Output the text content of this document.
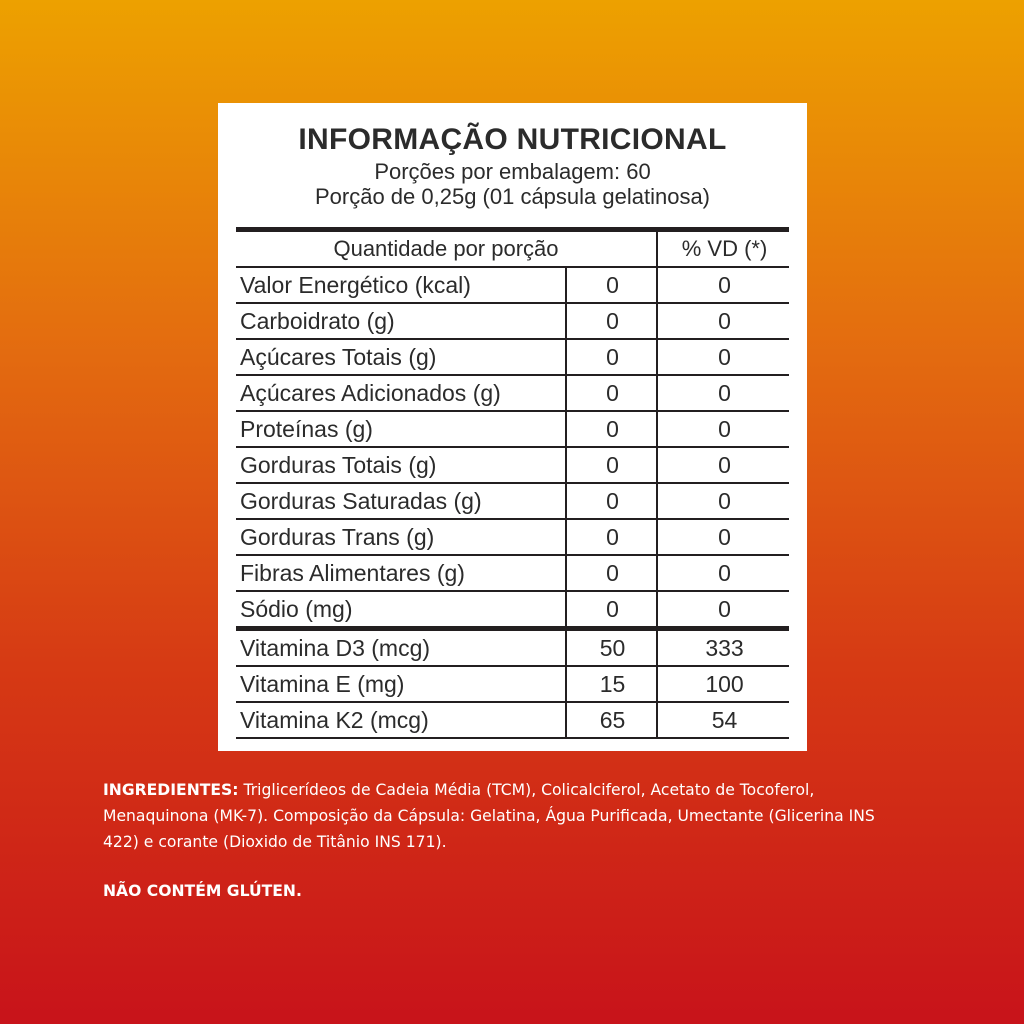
INFORMAÇÃO NUTRICIONAL
Porções por embalagem: 60
Porção de 0,25g (01 cápsula gelatinosa)
Quantidade por porção	% VD (*)
Valor Energético (kcal)	0	0
Carboidrato (g)	0	0
Açúcares Totais (g)	0	0
Açúcares Adicionados (g)	0	0
Proteínas (g)	0	0
Gorduras Totais (g)	0	0
Gorduras Saturadas (g)	0	0
Gorduras Trans (g)	0	0
Fibras Alimentares (g)	0	0
Sódio (mg)	0	0
Vitamina D3 (mcg)	50	333
Vitamina E (mg)	15	100
Vitamina K2 (mcg)	65	54
INGREDIENTES: Triglicerídeos de Cadeia Média (TCM), Colicalciferol, Acetato de Tocoferol, Menaquinona (MK-7). Composição da Cápsula: Gelatina, Água Purificada, Umectante (Glicerina INS 422) e corante (Dioxido de Titânio INS 171).
NÃO CONTÉM GLÚTEN.
